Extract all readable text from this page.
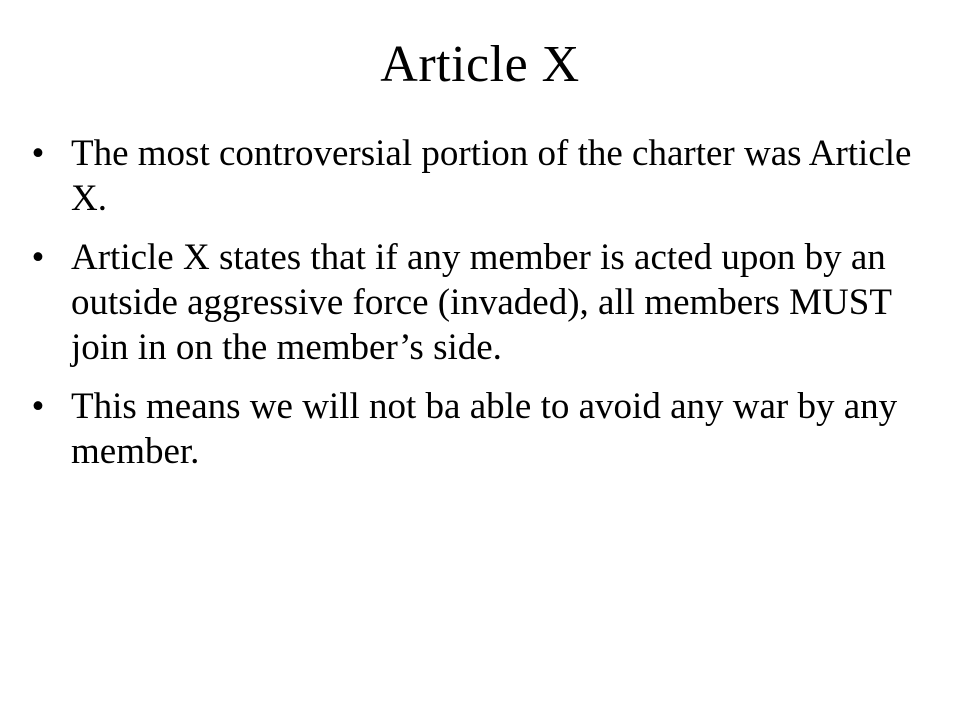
Article X
• The most controversial portion of the charter was Article X.
• Article X states that if any member is acted upon by an outside aggressive force (invaded), all members MUST join in on the member’s side.
• This means we will not ba able to avoid any war by any member.
